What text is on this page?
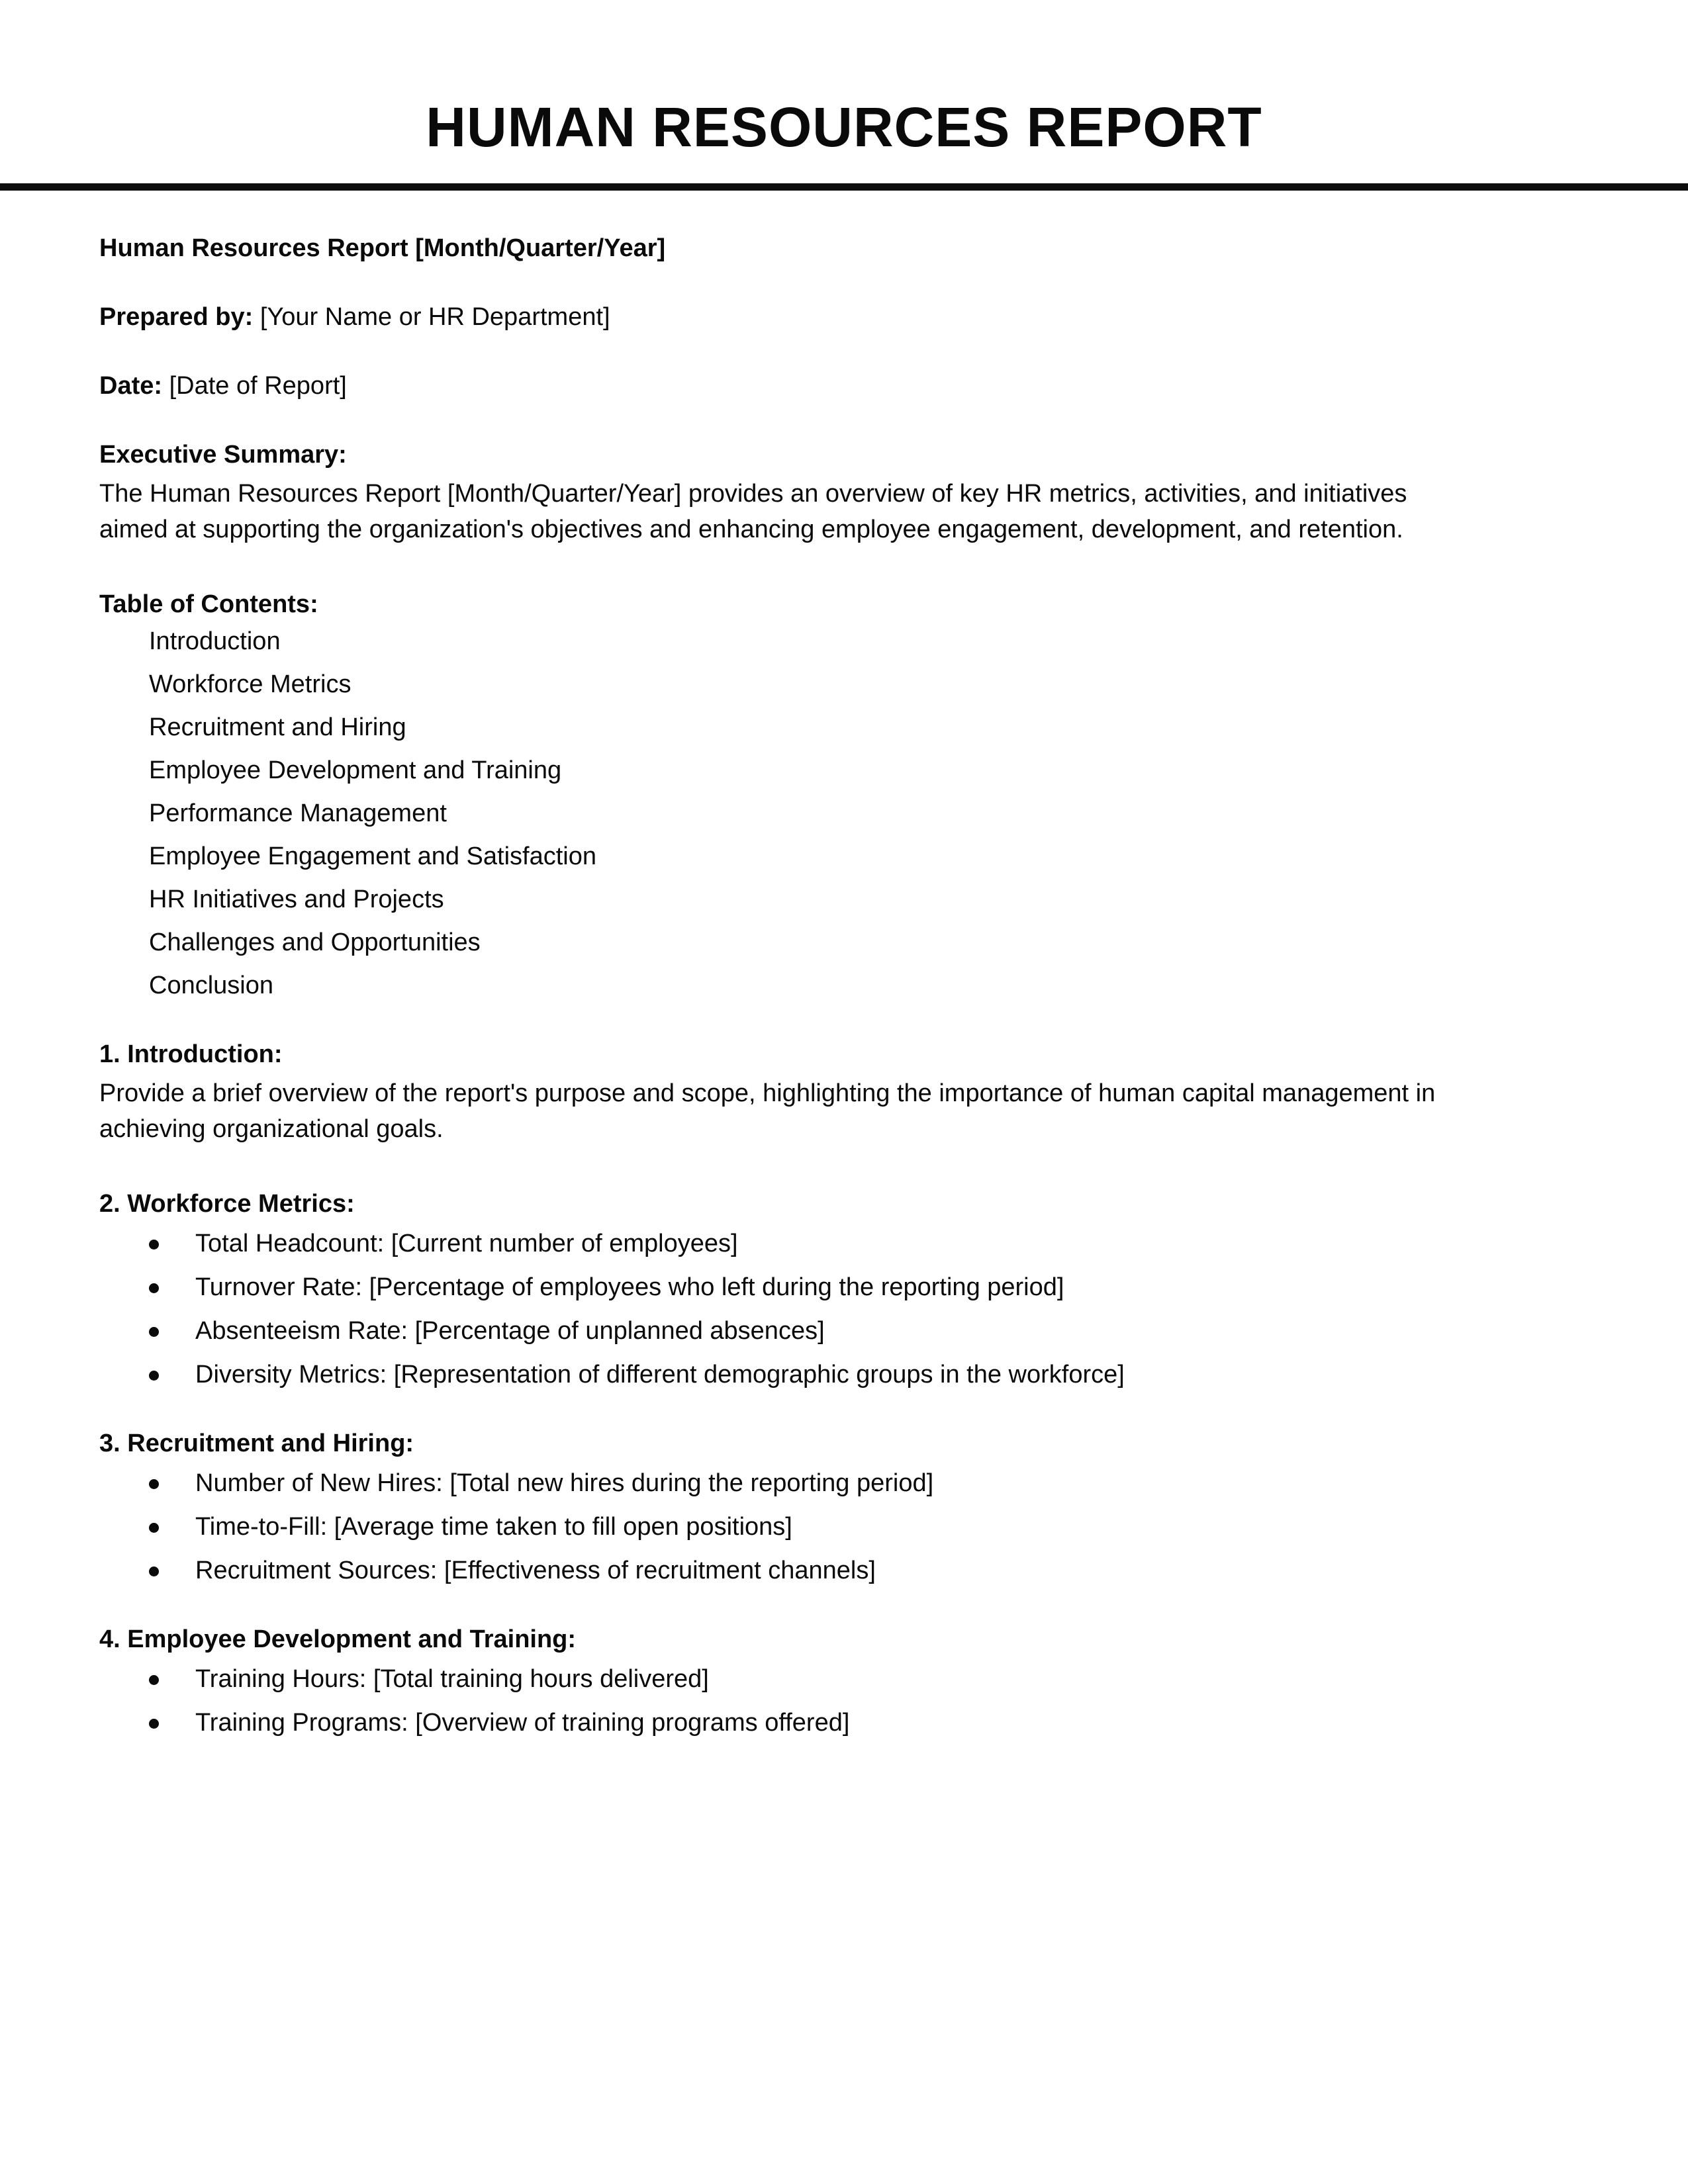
HUMAN RESOURCES REPORT
Human Resources Report [Month/Quarter/Year]
Prepared by: [Your Name or HR Department]
Date: [Date of Report]
Executive Summary:
The Human Resources Report [Month/Quarter/Year] provides an overview of key HR metrics, activities, and initiatives aimed at supporting the organization's objectives and enhancing employee engagement, development, and retention.
Table of Contents:
Introduction
Workforce Metrics
Recruitment and Hiring
Employee Development and Training
Performance Management
Employee Engagement and Satisfaction
HR Initiatives and Projects
Challenges and Opportunities
Conclusion
1. Introduction:
Provide a brief overview of the report's purpose and scope, highlighting the importance of human capital management in achieving organizational goals.
2. Workforce Metrics:
Total Headcount: [Current number of employees]
Turnover Rate: [Percentage of employees who left during the reporting period]
Absenteeism Rate: [Percentage of unplanned absences]
Diversity Metrics: [Representation of different demographic groups in the workforce]
3. Recruitment and Hiring:
Number of New Hires: [Total new hires during the reporting period]
Time-to-Fill: [Average time taken to fill open positions]
Recruitment Sources: [Effectiveness of recruitment channels]
4. Employee Development and Training:
Training Hours: [Total training hours delivered]
Training Programs: [Overview of training programs offered]
